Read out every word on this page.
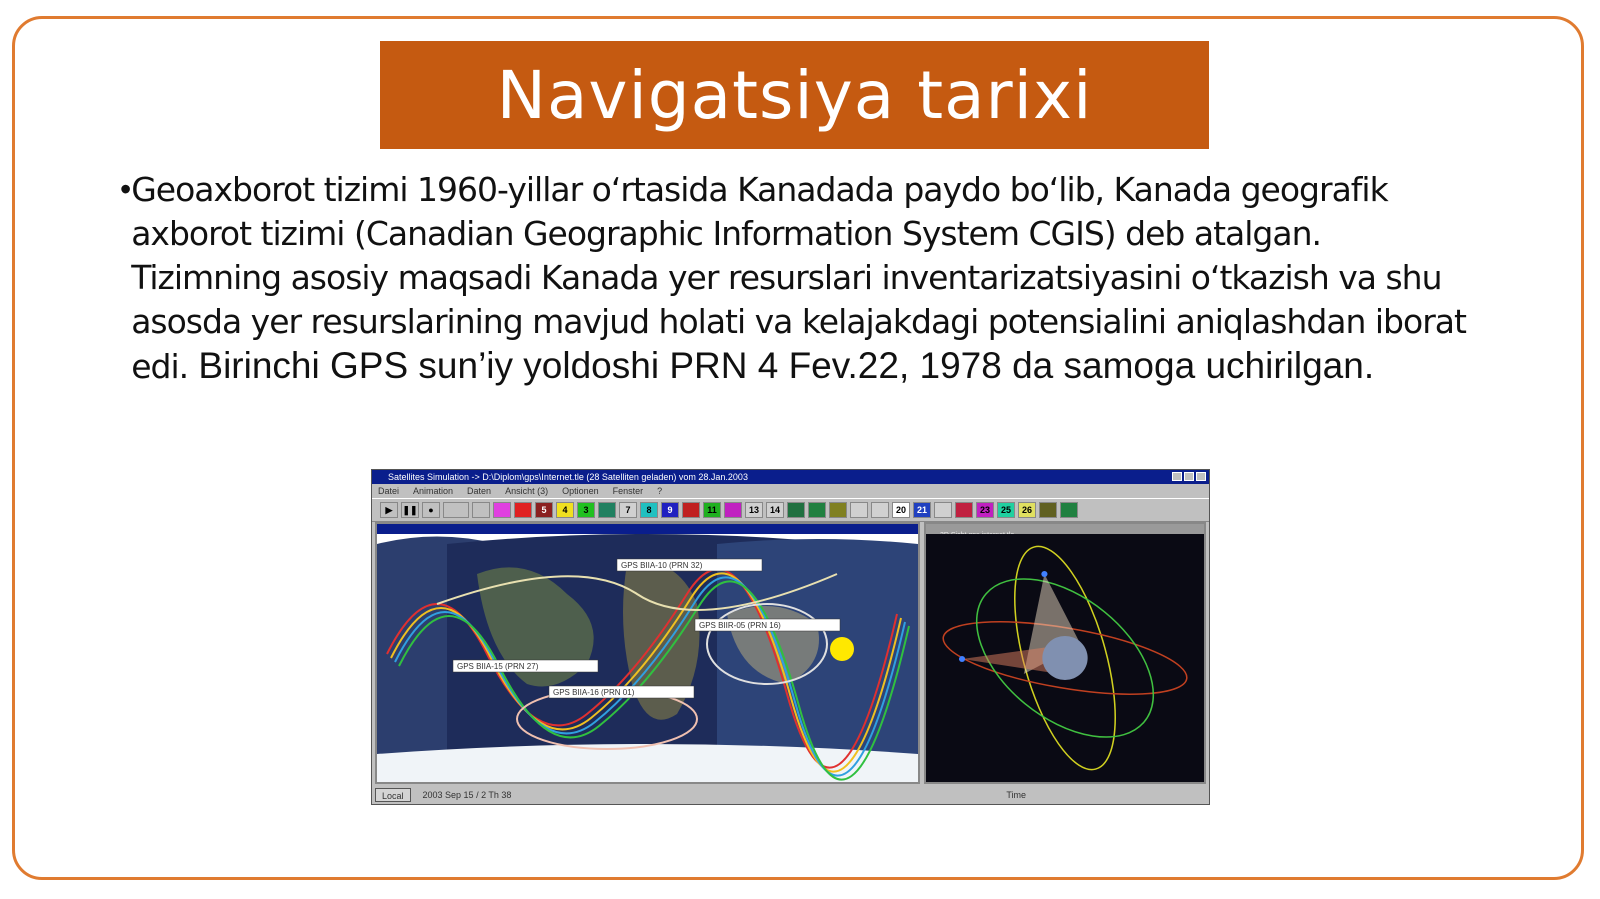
Navigatsiya tarixi
• Geoaxborot tizimi 1960-yillar o‘rtasida Kanadada paydo bo‘lib, Kanada geografik axborot tizimi (Canadian Geographic Information System CGIS) deb atalgan. Tizimning asosiy maqsadi Kanada yer resurslari inventarizatsiyasini o‘tkazish va shu asosda yer resurslarining mavjud holati va kelajakdagi potensialini aniqlashdan iborat edi. Birinchi GPS sun’iy yoldoshi PRN 4 Fev.22, 1978 da samoga uchirilgan.
Satellites Simulation -> D:\Diplom\gps\Internet.tle (28 Satelliten geladen) vom 28.Jan.2003
Datei Animation Daten Ansicht (3) Optionen Fenster ?
▶	❚❚	●	5	4	3	7	8	9	11	13	14	20	21	23	25	26
GPS BIIA-10 (PRN 32)
GPS BIIR-05 (PRN 16)
GPS BIIA-15 (PRN 27)
GPS BIIA-16 (PRN 01)
Local	2003 Sep 15 / 2 Th 38	Time
